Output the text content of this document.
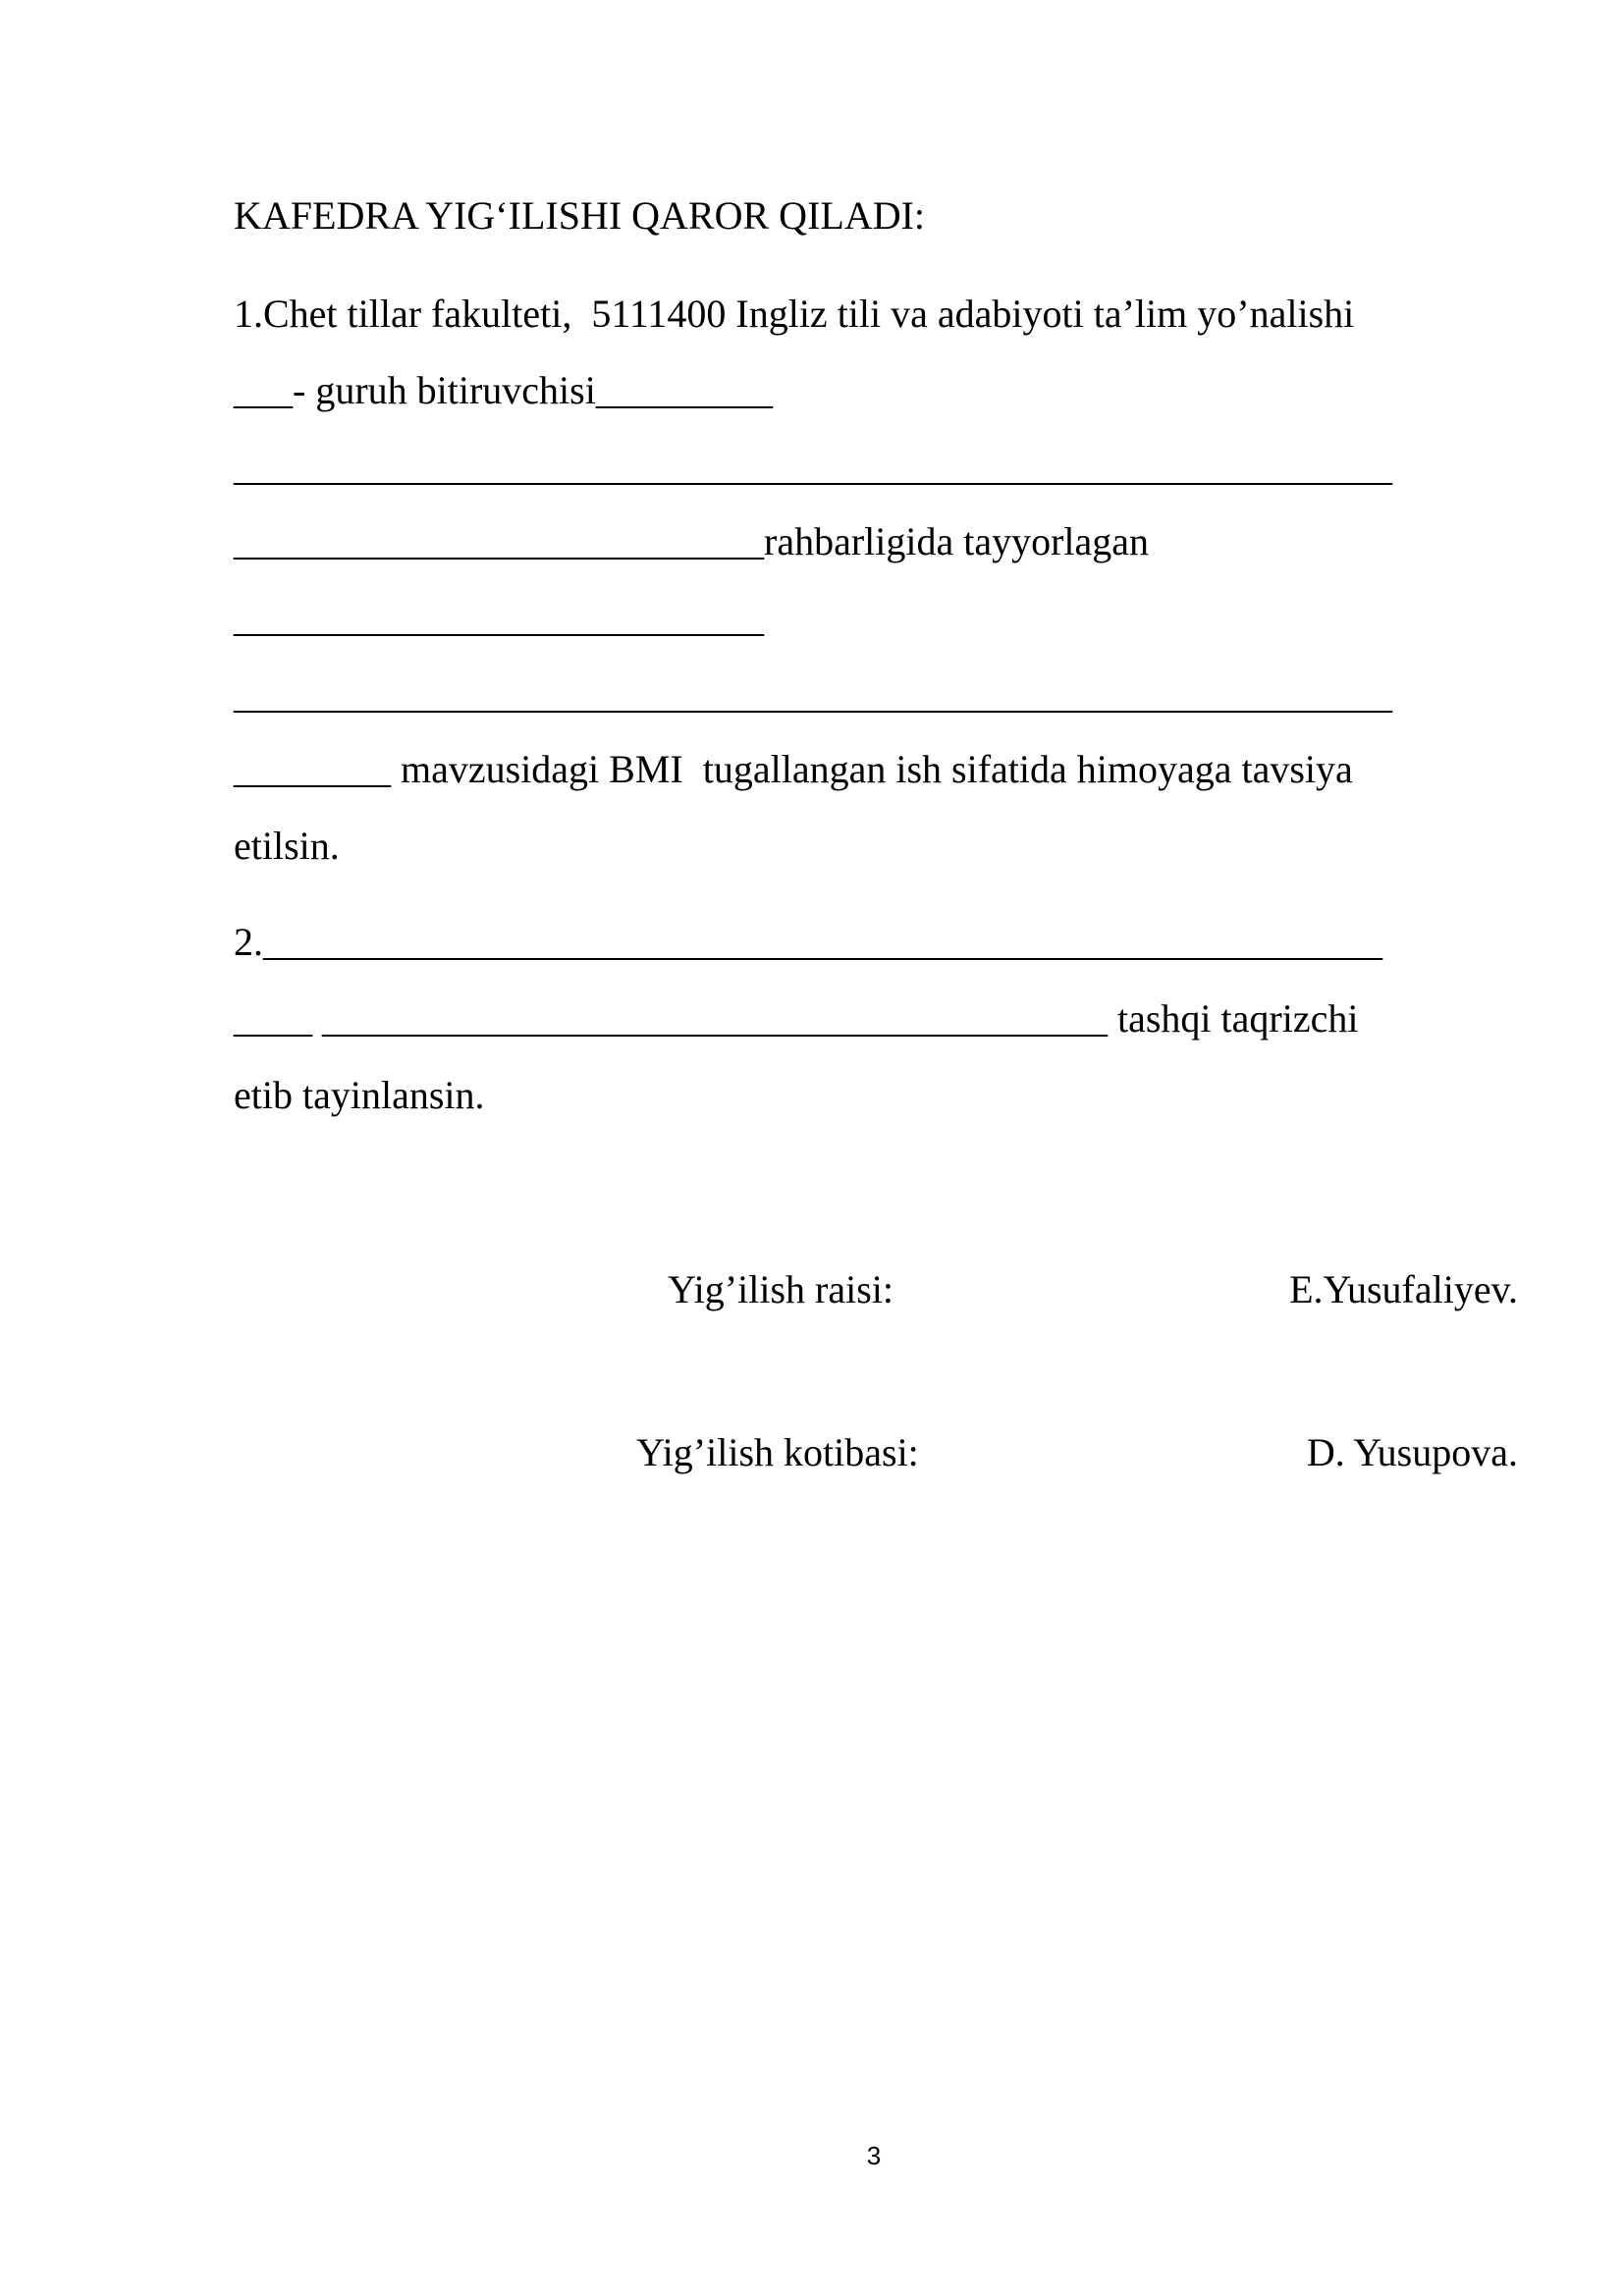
KAFEDRA YIG‘ILISHI QAROR QILADI:
1.Chet tillar fakulteti,  5111400 Ingliz tili va adabiyoti ta’lim yo’nalishi
___- guruh bitiruvchisi_________
___________________________________________________________
___________________________rahbarligida tayyorlagan
___________________________
___________________________________________________________
________ mavzusidagi BMI  tugallangan ish sifatida himoyaga tavsiya
etilsin.
2._________________________________________________________
____ ________________________________________ tashqi taqrizchi
etib tayinlansin.
Yig’ilish raisi:	E.Yusufaliyev.
Yig’ilish kotibasi:	D. Yusupova.
3
